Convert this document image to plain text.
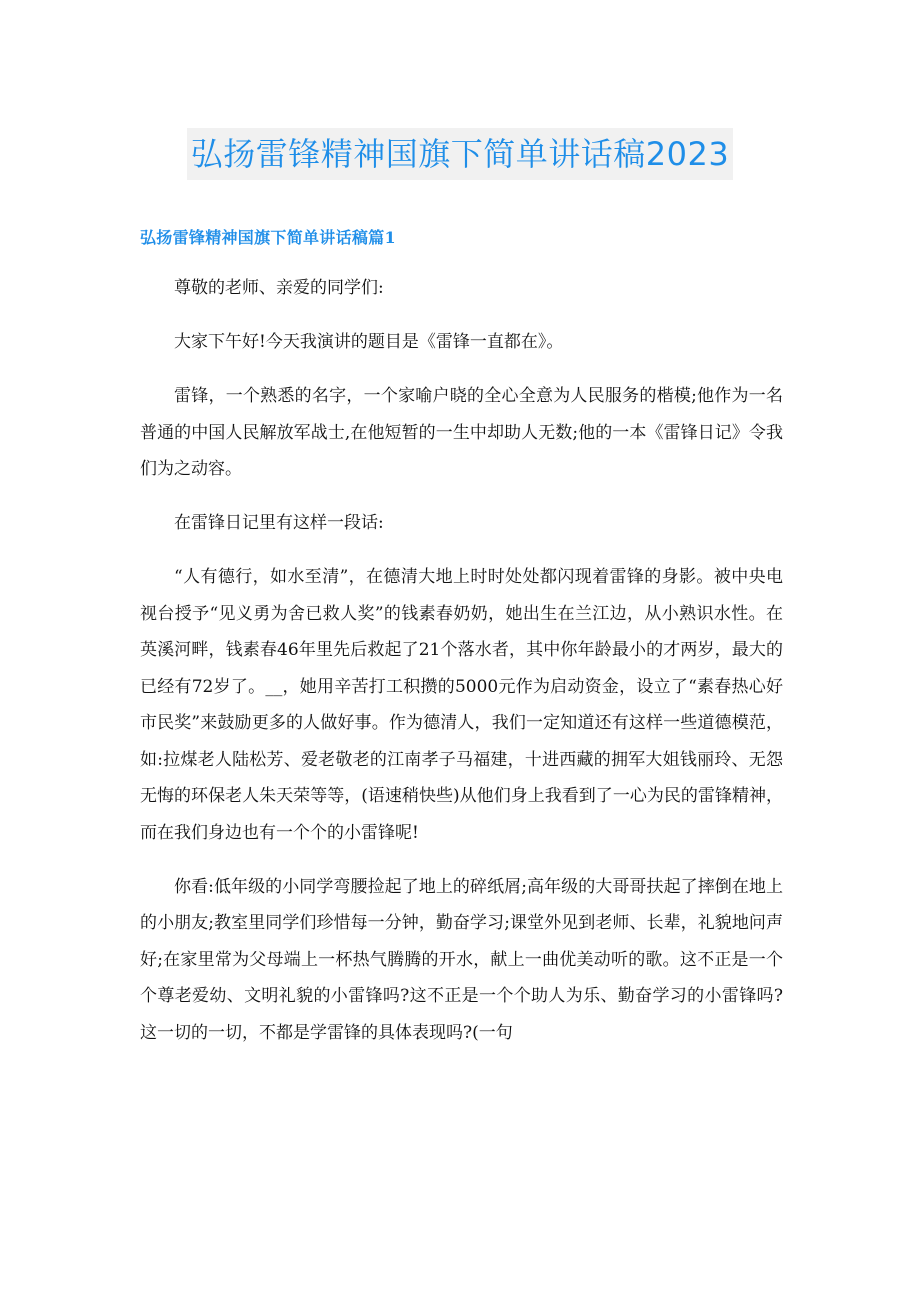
弘扬雷锋精神国旗下简单讲话稿2023
弘扬雷锋精神国旗下简单讲话稿篇1

尊敬的老师、亲爱的同学们:

大家下午好!今天我演讲的题目是《雷锋一直都在》。

雷锋，一个熟悉的名字，一个家喻户晓的全心全意为人民服务的楷模;他作为一名普通的中国人民解放军战士,在他短暂的一生中却助人无数;他的一本《雷锋日记》令我们为之动容。

在雷锋日记里有这样一段话:

“人有德行，如水至清”，在德清大地上时时处处都闪现着雷锋的身影。被中央电视台授予“见义勇为舍已救人奖”的钱素春奶奶，她出生在兰江边，从小熟识水性。在英溪河畔，钱素春46年里先后救起了21个落水者，其中你年龄最小的才两岁，最大的已经有72岁了。__，她用辛苦打工积攒的5000元作为启动资金，设立了“素春热心好市民奖”来鼓励更多的人做好事。作为德清人，我们一定知道还有这样一些道德模范，如:拉煤老人陆松芳、爱老敬老的江南孝子马福建，十进西藏的拥军大姐钱丽玲、无怨无悔的环保老人朱天荣等等，(语速稍快些)从他们身上我看到了一心为民的雷锋精神，而在我们身边也有一个个的小雷锋呢!

你看:低年级的小同学弯腰捡起了地上的碎纸屑;高年级的大哥哥扶起了摔倒在地上的小朋友;教室里同学们珍惜每一分钟，勤奋学习;课堂外见到老师、长辈，礼貌地问声好;在家里常为父母端上一杯热气腾腾的开水，献上一曲优美动听的歌。这不正是一个个尊老爱幼、文明礼貌的小雷锋吗?这不正是一个个助人为乐、勤奋学习的小雷锋吗?这一切的一切，不都是学雷锋的具体表现吗?(一句
